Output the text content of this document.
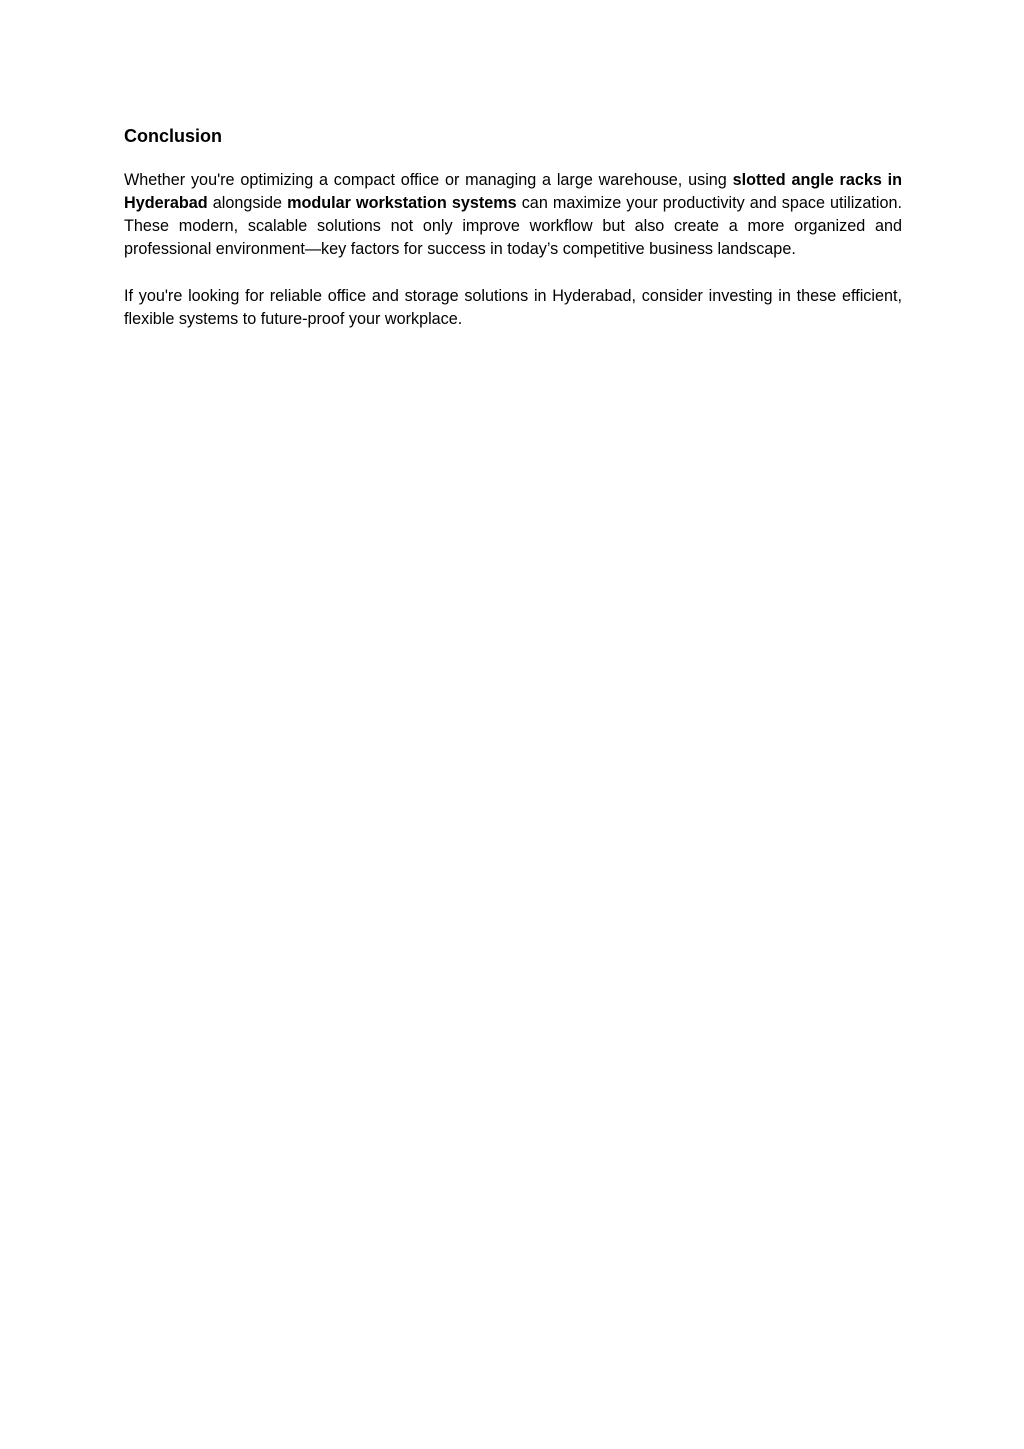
Conclusion

Whether you're optimizing a compact office or managing a large warehouse, using slotted angle racks in Hyderabad alongside modular workstation systems can maximize your productivity and space utilization. These modern, scalable solutions not only improve workflow but also create a more organized and professional environment—key factors for success in today’s competitive business landscape.

If you're looking for reliable office and storage solutions in Hyderabad, consider investing in these efficient, flexible systems to future-proof your workplace.
